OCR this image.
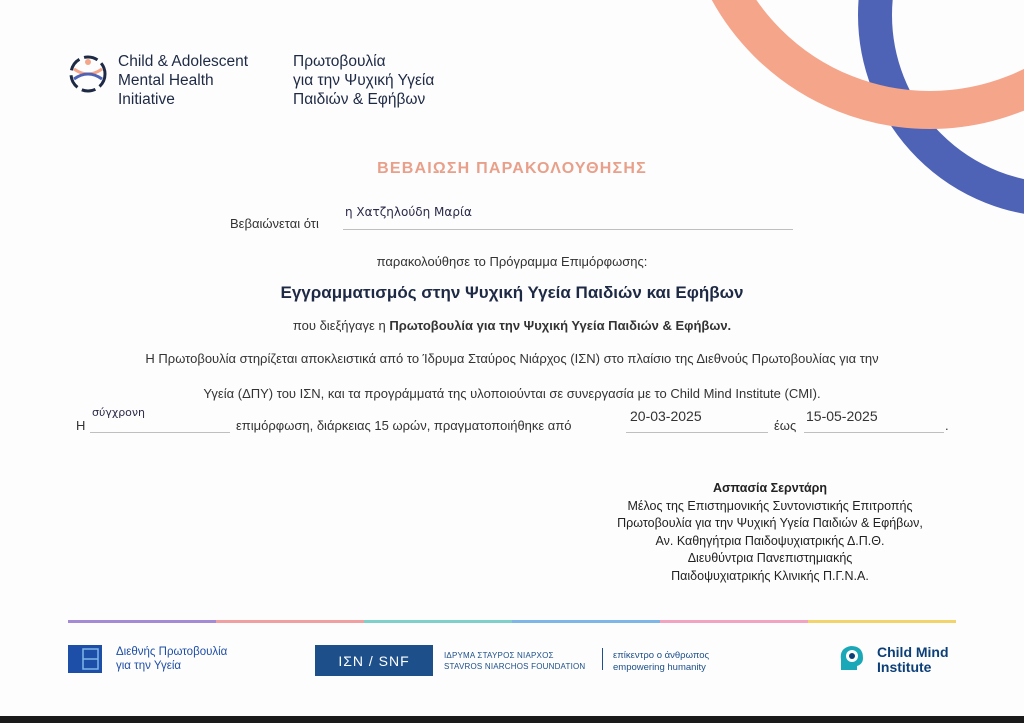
Child & Adolescent
Mental Health
Initiative
Πρωτοβουλία
για την Ψυχική Υγεία
Παιδιών & Εφήβων
ΒΕΒΑΙΩΣΗ ΠΑΡΑΚΟΛΟΥΘΗΣΗΣ
Βεβαιώνεται ότι
η Χατζηλούδη Μαρία
παρακολούθησε το Πρόγραμμα Επιμόρφωσης:
Εγγραμματισμός στην Ψυχική Υγεία Παιδιών και Εφήβων
που διεξήγαγε η Πρωτοβουλία για την Ψυχική Υγεία Παιδιών & Εφήβων.
Η Πρωτοβουλία στηρίζεται αποκλειστικά από το Ίδρυμα Σταύρος Νιάρχος (ΙΣΝ) στο πλαίσιο της Διεθνούς Πρωτοβουλίας για την
Υγεία (ΔΠΥ) του ΙΣΝ, και τα προγράμματά της υλοποιούνται σε συνεργασία με το Child Mind Institute (CMI).
Η
σύγχρονη
επιμόρφωση, διάρκειας 15 ωρών, πραγματοποιήθηκε από
20-03-2025
έως
15-05-2025
.
Ασπασία Σερντάρη
Μέλος της Επιστημονικής Συντονιστικής Επιτροπής
Πρωτοβουλία για την Ψυχική Υγεία Παιδιών & Εφήβων,
Αν. Καθηγήτρια Παιδοψυχιατρικής Δ.Π.Θ.
Διευθύντρια Πανεπιστημιακής
Παιδοψυχιατρικής Κλινικής Π.Γ.Ν.Α.
Διεθνής Πρωτοβουλία
για την Υγεία	ΙΣΝ / SNF	ΙΔΡΥΜΑ ΣΤΑΥΡΟΣ ΝΙΑΡΧΟΣ
STAVROS NIARCHOS FOUNDATION
επίκεντρο ο άνθρωπος
empowering humanity
Child Mind
Institute
